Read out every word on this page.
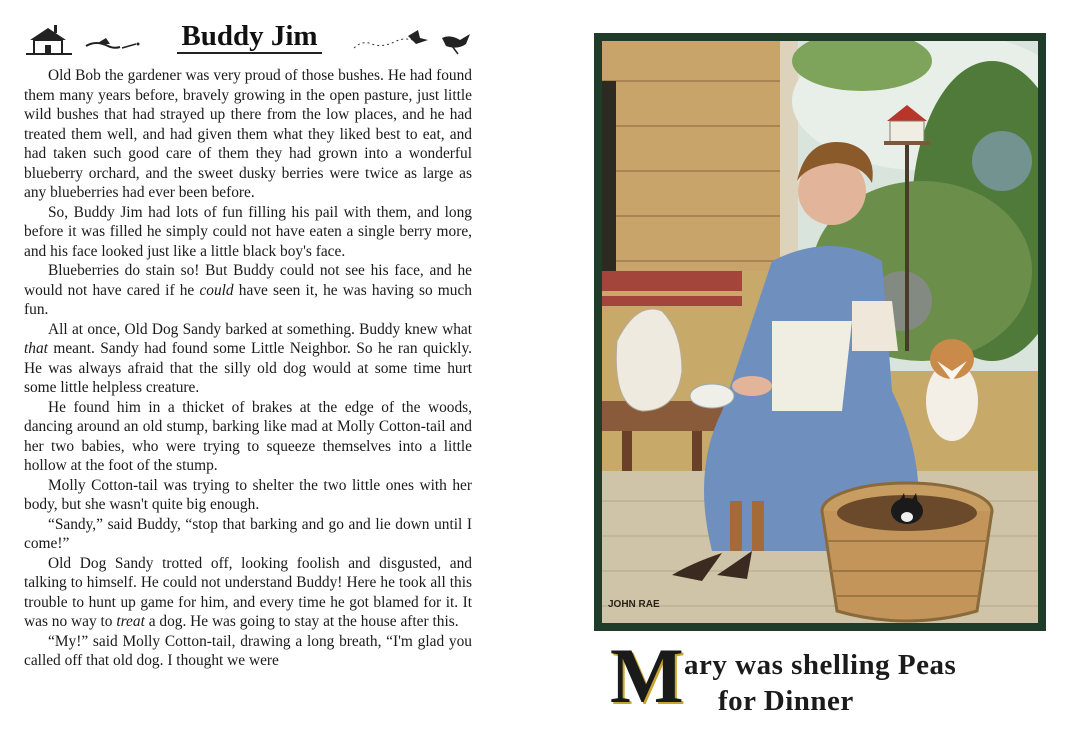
Buddy Jim

Old Bob the gardener was very proud of those bushes. He had found them many years before, bravely growing in the open pasture, just little wild bushes that had strayed up there from the low places, and he had treated them well, and had given them what they liked best to eat, and had taken such good care of them they had grown into a wonderful blueberry orchard, and the sweet dusky berries were twice as large as any blueberries had ever been before.

So, Buddy Jim had lots of fun filling his pail with them, and long before it was filled he simply could not have eaten a single berry more, and his face looked just like a little black boy's face.

Blueberries do stain so! But Buddy could not see his face, and he would not have cared if he could have seen it, he was having so much fun.

All at once, Old Dog Sandy barked at something. Buddy knew what that meant. Sandy had found some Little Neighbor. So he ran quickly. He was always afraid that the silly old dog would at some time hurt some little helpless creature.

He found him in a thicket of brakes at the edge of the woods, dancing around an old stump, barking like mad at Molly Cotton-tail and her two babies, who were trying to squeeze themselves into a little hollow at the foot of the stump.

Molly Cotton-tail was trying to shelter the two little ones with her body, but she wasn't quite big enough.

“Sandy,” said Buddy, “stop that barking and go and lie down until I come!”

Old Dog Sandy trotted off, looking foolish and disgusted, and talking to himself. He could not understand Buddy! Here he took all this trouble to hunt up game for him, and every time he got blamed for it. It was no way to treat a dog. He was going to stay at the house after this.

“My!” said Molly Cotton-tail, drawing a long breath, “I'm glad you called off that old dog. I thought we were

JOHN RAE
M ary was shelling Peas
for Dinner
